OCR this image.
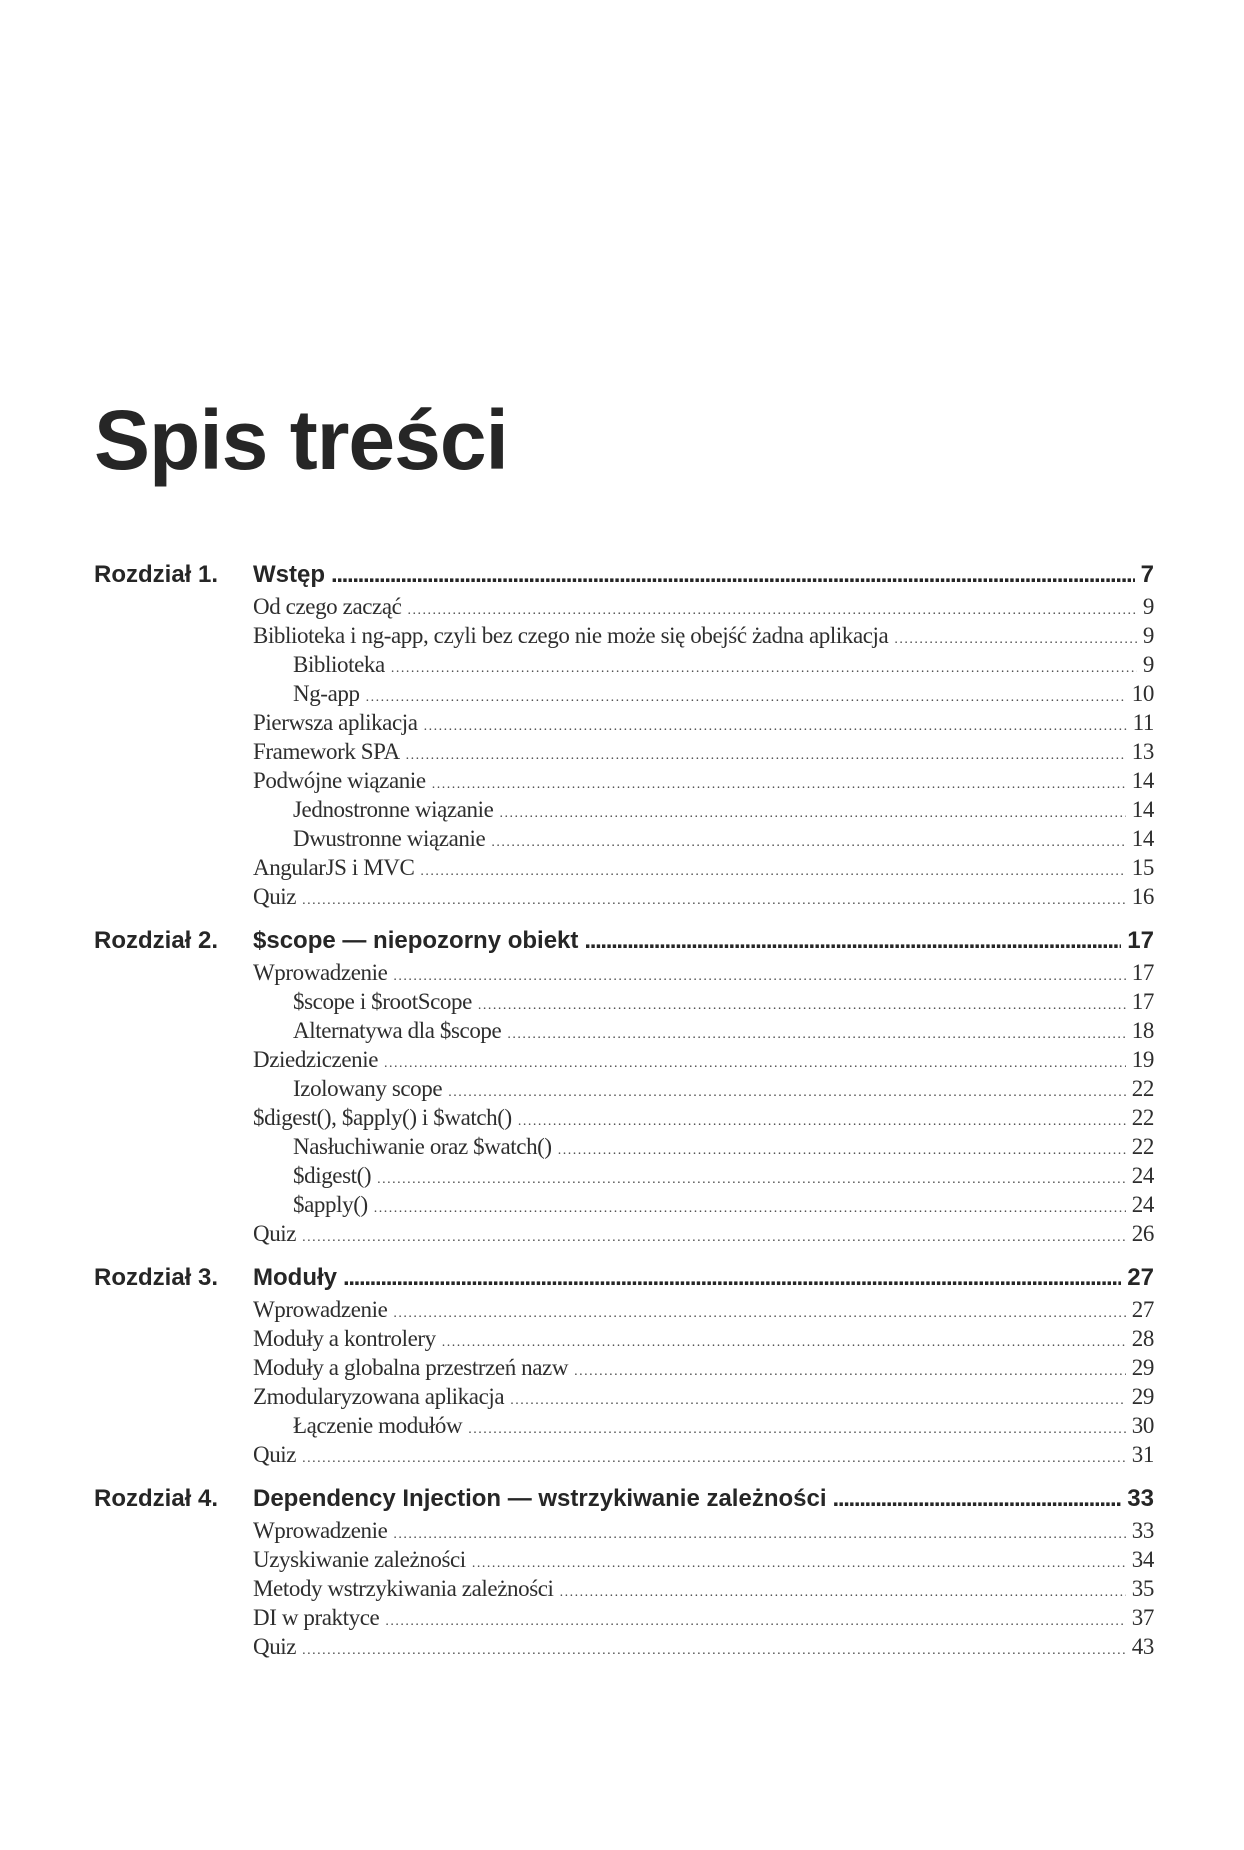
Spis treści
Rozdział 1.	Wstęp . . .	7
Od czego zacząć . . .	9
Biblioteka i ng-app, czyli bez czego nie może się obejść żadna aplikacja . . .	9
Biblioteka . . .	9
Ng-app . . .	10
Pierwsza aplikacja . . .	11
Framework SPA . . .	13
Podwójne wiązanie . . .	14
Jednostronne wiązanie . . .	14
Dwustronne wiązanie . . .	14
AngularJS i MVC . . .	15
Quiz . . .	16
Rozdział 2.	$scope — niepozorny obiekt . . .	17
Wprowadzenie . . .	17
$scope i $rootScope . . .	17
Alternatywa dla $scope . . .	18
Dziedziczenie . . .	19
Izolowany scope . . .	22
$digest(), $apply() i $watch() . . .	22
Nasłuchiwanie oraz $watch() . . .	22
$digest() . . .	24
$apply() . . .	24
Quiz . . .	26
Rozdział 3.	Moduły . . .	27
Wprowadzenie . . .	27
Moduły a kontrolery . . .	28
Moduły a globalna przestrzeń nazw . . .	29
Zmodularyzowana aplikacja . . .	29
Łączenie modułów . . .	30
Quiz . . .	31
Rozdział 4.	Dependency Injection — wstrzykiwanie zależności . . .	33
Wprowadzenie . . .	33
Uzyskiwanie zależności . . .	34
Metody wstrzykiwania zależności . . .	35
DI w praktyce . . .	37
Quiz . . .	43
